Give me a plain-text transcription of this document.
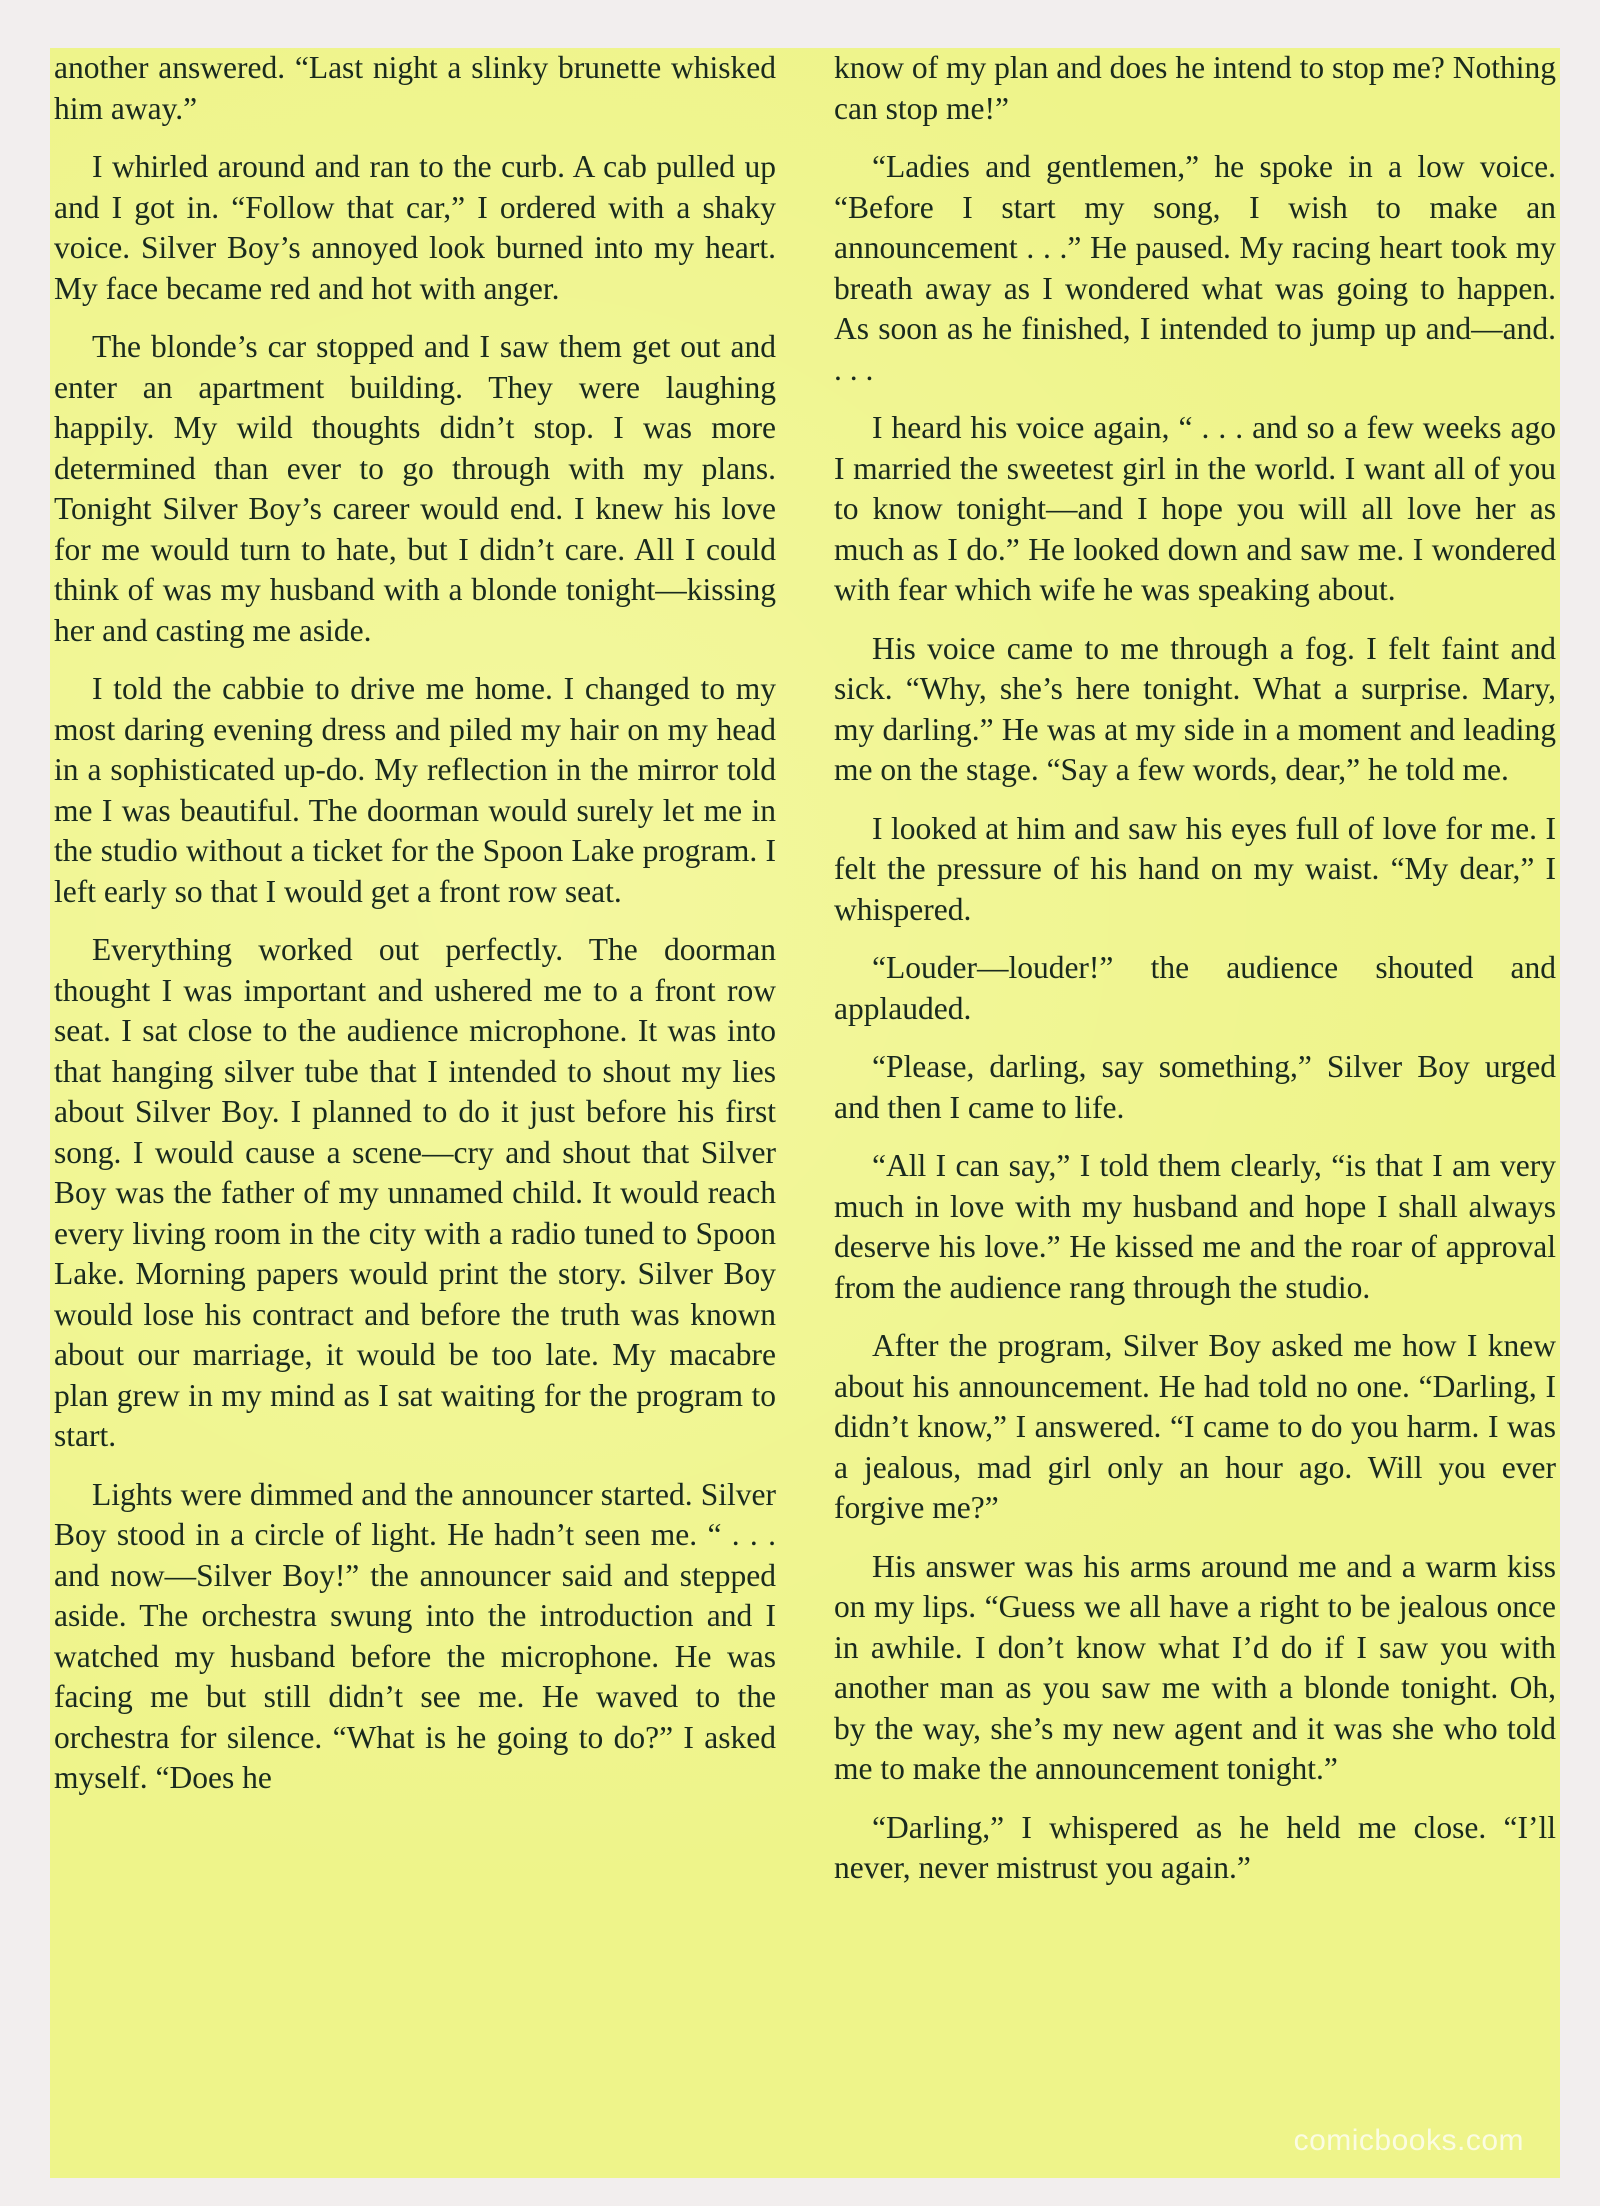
another answered. “Last night a slinky brunette whisked him away.”

I whirled around and ran to the curb. A cab pulled up and I got in. “Follow that car,” I ordered with a shaky voice. Silver Boy’s annoyed look burned into my heart. My face became red and hot with anger.

The blonde’s car stopped and I saw them get out and enter an apartment building. They were laughing happily. My wild thoughts didn’t stop. I was more determined than ever to go through with my plans. Tonight Silver Boy’s career would end. I knew his love for me would turn to hate, but I didn’t care. All I could think of was my husband with a blonde tonight—kissing her and casting me aside.

I told the cabbie to drive me home. I changed to my most daring evening dress and piled my hair on my head in a sophisticated up-do. My reflection in the mirror told me I was beautiful. The doorman would surely let me in the studio without a ticket for the Spoon Lake program. I left early so that I would get a front row seat.

Everything worked out perfectly. The doorman thought I was important and ushered me to a front row seat. I sat close to the audience microphone. It was into that hanging silver tube that I intended to shout my lies about Silver Boy. I planned to do it just before his first song. I would cause a scene—cry and shout that Silver Boy was the father of my unnamed child. It would reach every living room in the city with a radio tuned to Spoon Lake. Morning papers would print the story. Silver Boy would lose his contract and before the truth was known about our marriage, it would be too late. My macabre plan grew in my mind as I sat waiting for the program to start.

Lights were dimmed and the announcer started. Silver Boy stood in a circle of light. He hadn’t seen me. “ . . . and now—Silver Boy!” the announcer said and stepped aside. The orchestra swung into the introduction and I watched my husband before the microphone. He was facing me but still didn’t see me. He waved to the orchestra for silence. “What is he going to do?” I asked myself. “Does he

know of my plan and does he intend to stop me? Nothing can stop me!”

“Ladies and gentlemen,” he spoke in a low voice. “Before I start my song, I wish to make an announcement . . .” He paused. My racing heart took my breath away as I wondered what was going to happen. As soon as he finished, I intended to jump up and—and. . . .

I heard his voice again, “ . . . and so a few weeks ago I married the sweetest girl in the world. I want all of you to know tonight—and I hope you will all love her as much as I do.” He looked down and saw me. I wondered with fear which wife he was speaking about.

His voice came to me through a fog. I felt faint and sick. “Why, she’s here tonight. What a surprise. Mary, my darling.” He was at my side in a moment and leading me on the stage. “Say a few words, dear,” he told me.

I looked at him and saw his eyes full of love for me. I felt the pressure of his hand on my waist. “My dear,” I whispered.

“Louder—louder!” the audience shouted and applauded.

“Please, darling, say something,” Silver Boy urged and then I came to life.

“All I can say,” I told them clearly, “is that I am very much in love with my husband and hope I shall always deserve his love.” He kissed me and the roar of approval from the audience rang through the studio.

After the program, Silver Boy asked me how I knew about his announcement. He had told no one. “Darling, I didn’t know,” I answered. “I came to do you harm. I was a jealous, mad girl only an hour ago. Will you ever forgive me?”

His answer was his arms around me and a warm kiss on my lips. “Guess we all have a right to be jealous once in awhile. I don’t know what I’d do if I saw you with another man as you saw me with a blonde tonight. Oh, by the way, she’s my new agent and it was she who told me to make the announcement tonight.”

“Darling,” I whispered as he held me close. “I’ll never, never mistrust you again.”

comicbooks.com
